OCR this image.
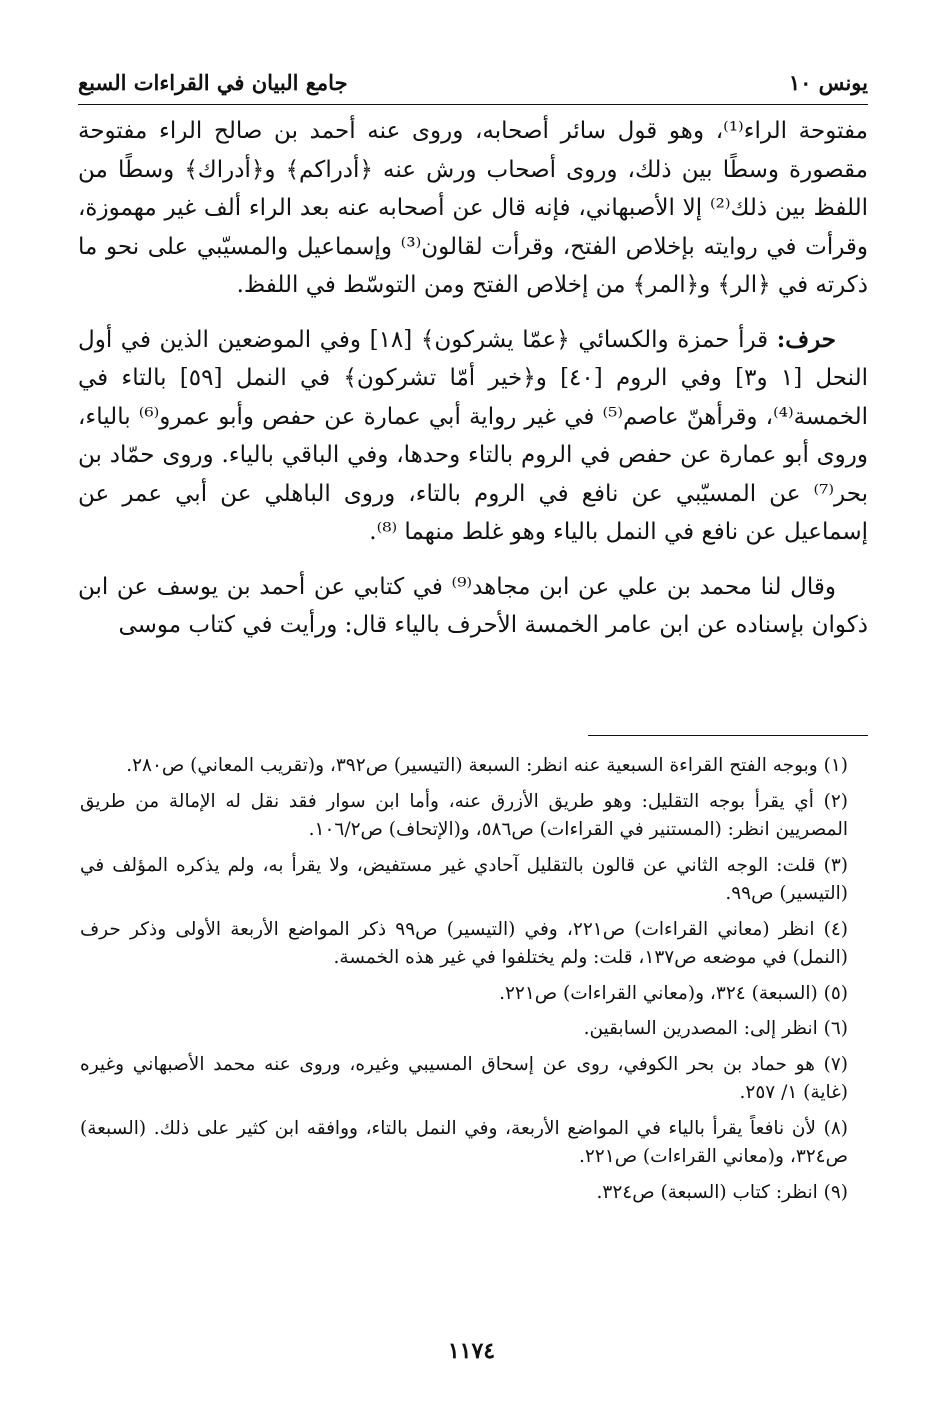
جامع البيان في القراءات السبع	يونس ١٠

مفتوحة الراء⁽¹⁾، وهو قول سائر أصحابه، وروى عنه أحمد بن صالح الراء مفتوحة مقصورة وسطًا بين ذلك، وروى أصحاب ورش عنه ﴿أدراكم﴾ و﴿أدراك﴾ وسطًا من اللفظ بين ذلك⁽²⁾ إلا الأصبهاني، فإنه قال عن أصحابه عنه بعد الراء ألف غير مهموزة، وقرأت في روايته بإخلاص الفتح، وقرأت لقالون⁽³⁾ وإسماعيل والمسيّبي على نحو ما ذكرته في ﴿الر﴾ و﴿المر﴾ من إخلاص الفتح ومن التوسّط في اللفظ.

حرف: قرأ حمزة والكسائي ﴿عمّا يشركون﴾ [١٨] وفي الموضعين الذين في أول النحل [١ و٣] وفي الروم [٤٠] و﴿خير أمّا تشركون﴾ في النمل [٥٩] بالتاء في الخمسة⁽⁴⁾، وقرأهنّ عاصم⁽⁵⁾ في غير رواية أبي عمارة عن حفص وأبو عمرو⁽⁶⁾ بالياء، وروى أبو عمارة عن حفص في الروم بالتاء وحدها، وفي الباقي بالياء. وروى حمّاد بن بحر⁽⁷⁾ عن المسيّبي عن نافع في الروم بالتاء، وروى الباهلي عن أبي عمر عن إسماعيل عن نافع في النمل بالياء وهو غلط منهما ⁽⁸⁾.

وقال لنا محمد بن علي عن ابن مجاهد⁽⁹⁾ في كتابي عن أحمد بن يوسف عن ابن ذكوان بإسناده عن ابن عامر الخمسة الأحرف بالياء قال: ورأيت في كتاب موسى

(١) وبوجه الفتح القراءة السبعية عنه انظر: السبعة (التيسير) ص٣٩٢، و(تقريب المعاني) ص٢٨٠.

(٢) أي يقرأ بوجه التقليل: وهو طريق الأزرق عنه، وأما ابن سوار فقد نقل له الإمالة من طريق المصريين انظر: (المستنير في القراءات) ص٥٨٦، و(الإتحاف) ص١٠٦/٢.

(٣) قلت: الوجه الثاني عن قالون بالتقليل آحادي غير مستفيض، ولا يقرأ به، ولم يذكره المؤلف في (التيسير) ص٩٩.

(٤) انظر (معاني القراءات) ص٢٢١، وفي (التيسير) ص٩٩ ذكر المواضع الأربعة الأولى وذكر حرف (النمل) في موضعه ص١٣٧، قلت: ولم يختلفوا في غير هذه الخمسة.

(٥) (السبعة) ٣٢٤، و(معاني القراءات) ص٢٢١.

(٦) انظر إلى: المصدرين السابقين.

(٧) هو حماد بن بحر الكوفي، روى عن إسحاق المسيبي وغيره، وروى عنه محمد الأصبهاني وغيره (غاية) ١/ ٢٥٧.

(٨) لأن نافعاً يقرأ بالياء في المواضع الأربعة، وفي النمل بالتاء، ووافقه ابن كثير على ذلك. (السبعة) ص٣٢٤، و(معاني القراءات) ص٢٢١.

(٩) انظر: كتاب (السبعة) ص٣٢٤.

١١٧٤
